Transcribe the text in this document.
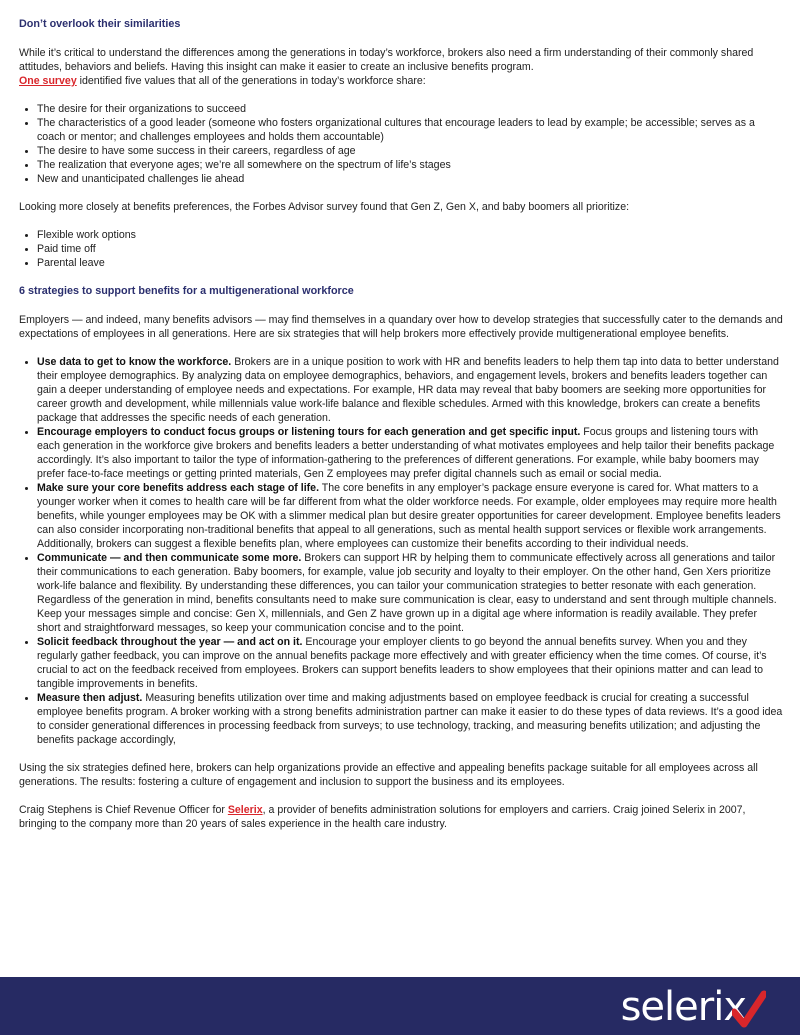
Don’t overlook their similarities

While it’s critical to understand the differences among the generations in today’s workforce, brokers also need a firm understanding of their commonly shared attitudes, behaviors and beliefs. Having this insight can make it easier to create an inclusive benefits program.

One survey identified five values that all of the generations in today’s workforce share:

• The desire for their organizations to succeed
• The characteristics of a good leader (someone who fosters organizational cultures that encourage leaders to lead by example; be accessible; serves as a coach or mentor; and challenges employees and holds them accountable)
• The desire to have some success in their careers, regardless of age
• The realization that everyone ages; we’re all somewhere on the spectrum of life’s stages
• New and unanticipated challenges lie ahead

Looking more closely at benefits preferences, the Forbes Advisor survey found that Gen Z, Gen X, and baby boomers all prioritize:

• Flexible work options
• Paid time off
• Parental leave
6 strategies to support benefits for a multigenerational workforce

Employers — and indeed, many benefits advisors — may find themselves in a quandary over how to develop strategies that successfully cater to the demands and expectations of employees in all generations. Here are six strategies that will help brokers more effectively provide multigenerational employee benefits.

• Use data to get to know the workforce. Brokers are in a unique position to work with HR and benefits leaders to help them tap into data to better understand their employee demographics. By analyzing data on employee demographics, behaviors, and engagement levels, brokers and benefits leaders together can gain a deeper understanding of employee needs and expectations. For example, HR data may reveal that baby boomers are seeking more opportunities for career growth and development, while millennials value work-life balance and flexible schedules. Armed with this knowledge, brokers can create a benefits package that addresses the specific needs of each generation.
• Encourage employers to conduct focus groups or listening tours for each generation and get specific input. Focus groups and listening tours with each generation in the workforce give brokers and benefits leaders a better understanding of what motivates employees and help tailor their benefits package accordingly. It’s also important to tailor the type of information-gathering to the preferences of different generations. For example, while baby boomers may prefer face-to-face meetings or getting printed materials, Gen Z employees may prefer digital channels such as email or social media.
• Make sure your core benefits address each stage of life. The core benefits in any employer’s package ensure everyone is cared for. What matters to a younger worker when it comes to health care will be far different from what the older workforce needs. For example, older employees may require more health benefits, while younger employees may be OK with a slimmer medical plan but desire greater opportunities for career development. Employee benefits leaders can also consider incorporating non-traditional benefits that appeal to all generations, such as mental health support services or flexible work arrangements. Additionally, brokers can suggest a flexible benefits plan, where employees can customize their benefits according to their individual needs.
• Communicate — and then communicate some more. Brokers can support HR by helping them to communicate effectively across all generations and tailor their communications to each generation. Baby boomers, for example, value job security and loyalty to their employer. On the other hand, Gen Xers prioritize work-life balance and flexibility. By understanding these differences, you can tailor your communication strategies to better resonate with each generation. Regardless of the generation in mind, benefits consultants need to make sure communication is clear, easy to understand and sent through multiple channels. Keep your messages simple and concise: Gen X, millennials, and Gen Z have grown up in a digital age where information is readily available. They prefer short and straightforward messages, so keep your communication concise and to the point.
• Solicit feedback throughout the year — and act on it. Encourage your employer clients to go beyond the annual benefits survey. When you and they regularly gather feedback, you can improve on the annual benefits package more effectively and with greater efficiency when the time comes. Of course, it’s crucial to act on the feedback received from employees. Brokers can support benefits leaders to show employees that their opinions matter and can lead to tangible improvements in benefits.
• Measure then adjust. Measuring benefits utilization over time and making adjustments based on employee feedback is crucial for creating a successful employee benefits program. A broker working with a strong benefits administration partner can make it easier to do these types of data reviews. It’s a good idea to consider generational differences in processing feedback from surveys; to use technology, tracking, and measuring benefits utilization; and adjusting the benefits package accordingly,

Using the six strategies defined here, brokers can help organizations provide an effective and appealing benefits package suitable for all employees across all generations. The results: fostering a culture of engagement and inclusion to support the business and its employees.

Craig Stephens is Chief Revenue Officer for Selerix, a provider of benefits administration solutions for employers and carriers. Craig joined Selerix in 2007, bringing to the company more than 20 years of sales experience in the health care industry.

selerix
